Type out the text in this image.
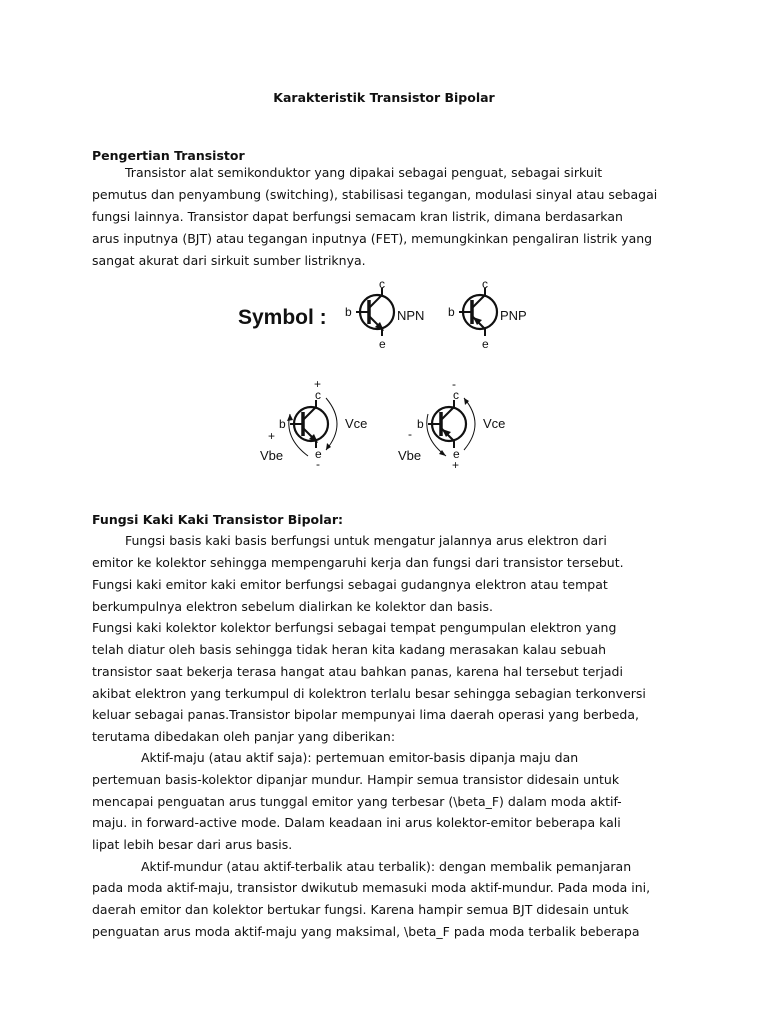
Karakteristik Transistor Bipolar
Pengertian Transistor
Transistor alat semikonduktor yang dipakai sebagai penguat, sebagai sirkuit
pemutus dan penyambung (switching), stabilisasi tegangan, modulasi sinyal atau sebagai
fungsi lainnya. Transistor dapat berfungsi semacam kran listrik, dimana berdasarkan
arus inputnya (BJT) atau tegangan inputnya (FET), memungkinkan pengaliran listrik yang
sangat akurat dari sirkuit sumber listriknya.
Symbol :
c
b
e
NPN
c
b
e
PNP
+
c
b
+
e
-
Vce
Vbe
-
c
b
-
e
+
Vce
Vbe
Fungsi Kaki Kaki Transistor Bipolar:
Fungsi basis kaki basis berfungsi untuk mengatur jalannya arus elektron dari
emitor ke kolektor sehingga mempengaruhi kerja dan fungsi dari transistor tersebut.
Fungsi kaki emitor kaki emitor berfungsi sebagai gudangnya elektron atau tempat
berkumpulnya elektron sebelum dialirkan ke kolektor dan basis.
Fungsi kaki kolektor kolektor berfungsi sebagai tempat pengumpulan elektron yang
telah diatur oleh basis sehingga tidak heran kita kadang merasakan kalau sebuah
transistor saat bekerja terasa hangat atau bahkan panas, karena hal tersebut terjadi
akibat elektron yang terkumpul di kolektron terlalu besar sehingga sebagian terkonversi
keluar sebagai panas.Transistor bipolar mempunyai lima daerah operasi yang berbeda,
terutama dibedakan oleh panjar yang diberikan:
Aktif-maju (atau aktif saja): pertemuan emitor-basis dipanja maju dan
pertemuan basis-kolektor dipanjar mundur. Hampir semua transistor didesain untuk
mencapai penguatan arus tunggal emitor yang terbesar (\beta_F) dalam moda aktif-
maju. in forward-active mode. Dalam keadaan ini arus kolektor-emitor beberapa kali
lipat lebih besar dari arus basis.
Aktif-mundur (atau aktif-terbalik atau terbalik): dengan membalik pemanjaran
pada moda aktif-maju, transistor dwikutub memasuki moda aktif-mundur. Pada moda ini,
daerah emitor dan kolektor bertukar fungsi. Karena hampir semua BJT didesain untuk
penguatan arus moda aktif-maju yang maksimal, \beta_F pada moda terbalik beberapa
